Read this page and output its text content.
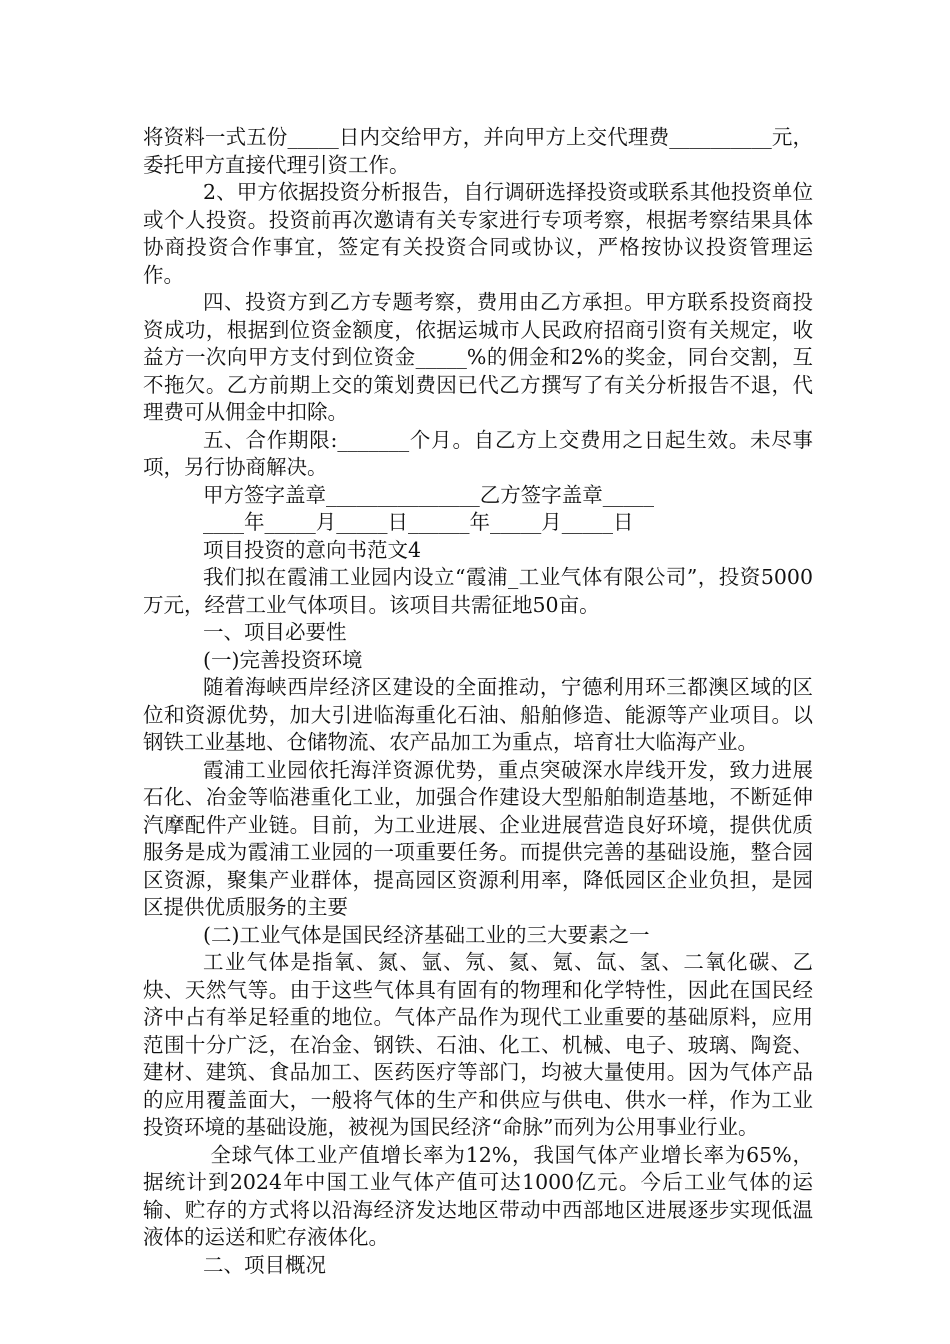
将资料一式五份_____日内交给甲方，并向甲方上交代理费__________元，委托甲方直接代理引资工作。

2、甲方依据投资分析报告，自行调研选择投资或联系其他投资单位或个人投资。投资前再次邀请有关专家进行专项考察，根据考察结果具体协商投资合作事宜，签定有关投资合同或协议，严格按协议投资管理运作。

四、投资方到乙方专题考察，费用由乙方承担。甲方联系投资商投资成功，根据到位资金额度，依据运城市人民政府招商引资有关规定，收益方一次向甲方支付到位资金_____%的佣金和2%的奖金，同台交割，互不拖欠。乙方前期上交的策划费因已代乙方撰写了有关分析报告不退，代理费可从佣金中扣除。

五、合作期限:_______个月。自乙方上交费用之日起生效。未尽事项，另行协商解决。

甲方签字盖章_______________乙方签字盖章_____

____年_____月_____日______年_____月_____日

项目投资的意向书范文4

我们拟在霞浦工业园内设立“霞浦_工业气体有限公司”，投资5000万元，经营工业气体项目。该项目共需征地50亩。

一、项目必要性

(一)完善投资环境

随着海峡西岸经济区建设的全面推动，宁德利用环三都澳区域的区位和资源优势，加大引进临海重化石油、船舶修造、能源等产业项目。以钢铁工业基地、仓储物流、农产品加工为重点，培育壮大临海产业。

霞浦工业园依托海洋资源优势，重点突破深水岸线开发，致力进展石化、冶金等临港重化工业，加强合作建设大型船舶制造基地，不断延伸汽摩配件产业链。目前，为工业进展、企业进展营造良好环境，提供优质服务是成为霞浦工业园的一项重要任务。而提供完善的基础设施，整合园区资源，聚集产业群体，提高园区资源利用率，降低园区企业负担，是园区提供优质服务的主要

(二)工业气体是国民经济基础工业的三大要素之一

工业气体是指氧、氮、氩、氖、氦、氪、氙、氢、二氧化碳、乙炔、天然气等。由于这些气体具有固有的物理和化学特性，因此在国民经济中占有举足轻重的地位。气体产品作为现代工业重要的基础原料，应用范围十分广泛，在冶金、钢铁、石油、化工、机械、电子、玻璃、陶瓷、建材、建筑、食品加工、医药医疗等部门，均被大量使用。因为气体产品的应用覆盖面大，一般将气体的生产和供应与供电、供水一样，作为工业投资环境的基础设施，被视为国民经济“命脉”而列为公用事业行业。

全球气体工业产值增长率为12%，我国气体产业增长率为65%，据统计到2024年中国工业气体产值可达1000亿元。今后工业气体的运输、贮存的方式将以沿海经济发达地区带动中西部地区进展逐步实现低温液体的运送和贮存液体化。

二、项目概况
